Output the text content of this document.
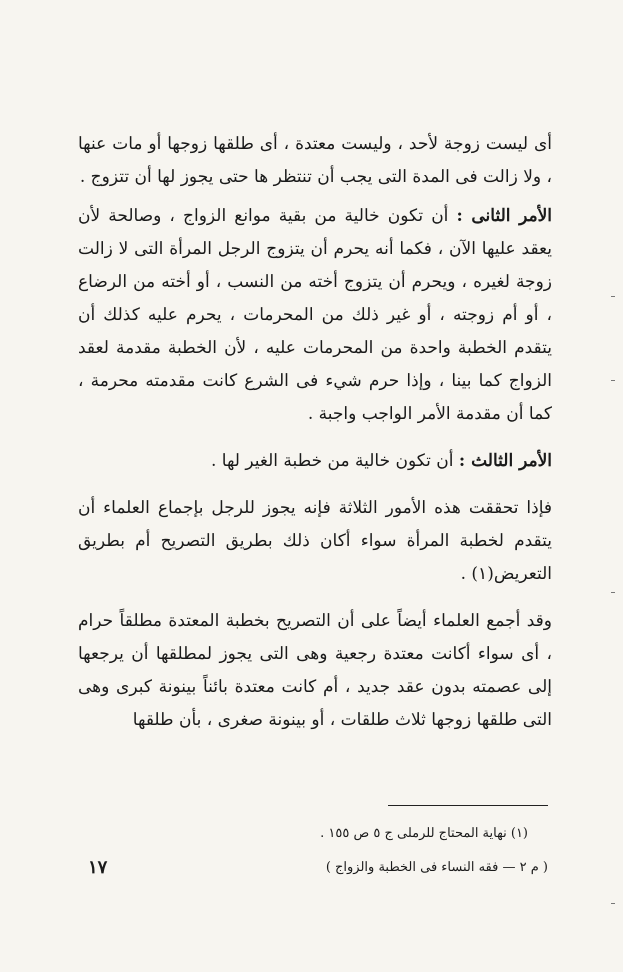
أى ليست زوجة لأحد ، وليست معتدة ، أى طلقها زوجها أو مات عنها ، ولا زالت فى المدة التى يجب أن تنتظر ها حتى يجوز لها أن تتزوج .

الأمر الثانى : أن تكون خالية من بقية موانع الزواج ، وصالحة لأن يعقد عليها الآن ، فكما أنه يحرم أن يتزوج الرجل المرأة التى لا زالت زوجة لغيره ، ويحرم أن يتزوج أخته من النسب ، أو أخته من الرضاع ، أو أم زوجته ، أو غير ذلك من المحرمات ، يحرم عليه كذلك أن يتقدم الخطبة واحدة من المحرمات عليه ، لأن الخطبة مقدمة لعقد الزواج كما بينا ، وإذا حرم شيء فى الشرع كانت مقدمته محرمة ، كما أن مقدمة الأمر الواجب واجبة .

الأمر الثالث : أن تكون خالية من خطبة الغير لها .

فإذا تحققت هذه الأمور الثلاثة فإنه يجوز للرجل بإجماع العلماء أن يتقدم لخطبة المرأة سواء أكان ذلك بطريق التصريح أم بطريق التعريض(١) .

وقد أجمع العلماء أيضاً على أن التصريح بخطبة المعتدة مطلقاً حرام ، أى سواء أكانت معتدة رجعية وهى التى يجوز لمطلقها أن يرجعها إلى عصمته بدون عقد جديد ، أم كانت معتدة بائناً بينونة كبرى وهى التى طلقها زوجها ثلاث طلقات ، أو بينونة صغرى ، بأن طلقها

(١) نهاية المحتاج للرملى ج ٥ ص ١٥٥ .
١٧	( م ٢ — فقه النساء فى الخطبة والزواج )
